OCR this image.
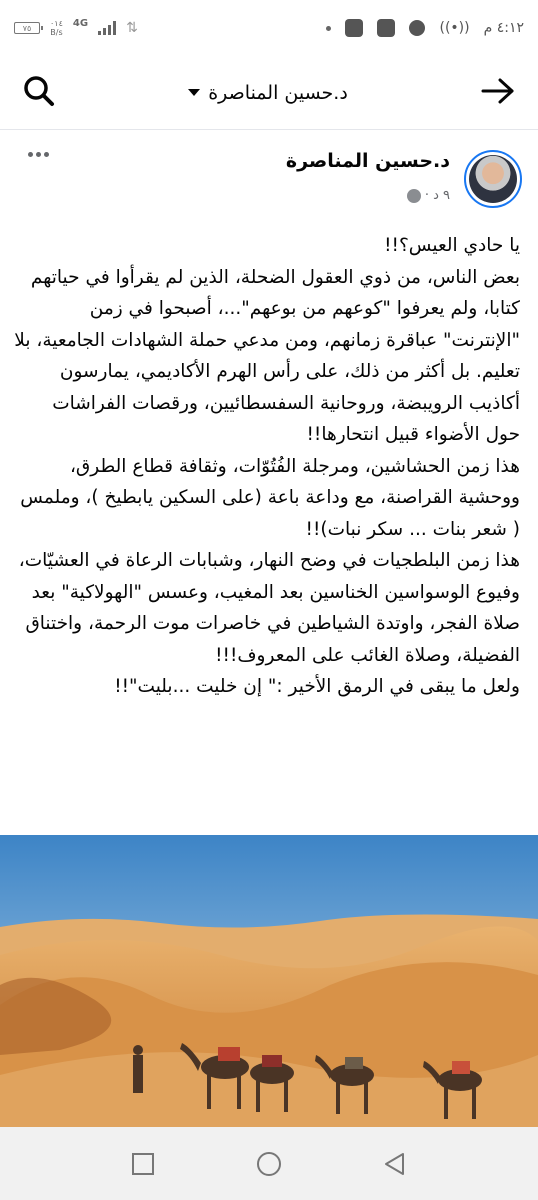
٧٥ ٠١٤
B/s
4G	⇅	((•)) ٤:١٢ م
د.حسين المناصرة
د.حسين المناصرة
٩ د ·

يا حادي العيس؟!!

بعض الناس، من ذوي العقول الضحلة، الذين لم يقرأوا في حياتهم كتابا، ولم يعرفوا "كوعهم من بوعهم"...، أصبحوا في زمن "الإنترنت" عباقرة زمانهم، ومن مدعي حملة الشهادات الجامعية، بلا تعليم. بل أكثر من ذلك، على رأس الهرم الأكاديمي، يمارسون أكاذيب الرويبضة، وروحانية السفسطائيين، ورقصات الفراشات حول الأضواء قبيل انتحارها!!

هذا زمن الحشاشين، ومرجلة الفُتُوّات، وثقافة قطاع الطرق، ووحشية القراصنة، مع وداعة باعة (على السكين يابطيخ )، وملمس ( شعر بنات ... سكر نبات)!!

هذا زمن البلطجيات في وضح النهار، وشبابات الرعاة في العشيّات، وفيوع الوسواسين الخناسين بعد المغيب، وعسس "الهولاكية" بعد صلاة الفجر، واوتدة الشياطين في خاصرات موت الرحمة، واختناق الفضيلة، وصلاة الغائب على المعروف!!!

ولعل ما يبقى في الرمق الأخير :" إن خليت ...بليت"!!
